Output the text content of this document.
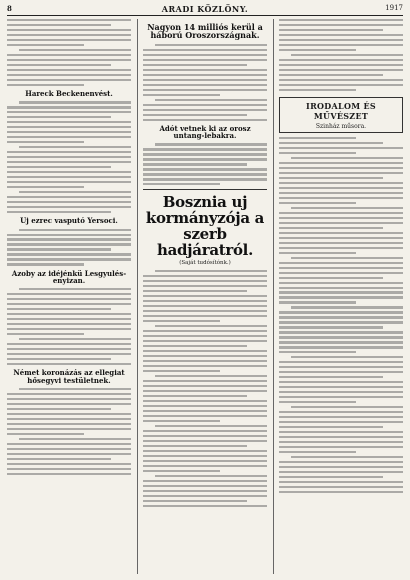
8	ARADI KÖZLÖNY.	1917
Hareck Beckenenvést.
Uj ezrec vasputó Yersoci.
Azoby az idéjénkü Lesgyulés-enyizan.
Német koronázás az ellegiat hősegyvi testületnek.
Nagyon 14 milliós kerül a háború Oroszországnak.
Adót vetnek ki az orosz untang-lebakra.
Bosznia uj kormányzója a szerb hadjáratról.
(Saját tudósítónk.)
IRODALOM ÉS MŰVÉSZET
Szinház műsora.
